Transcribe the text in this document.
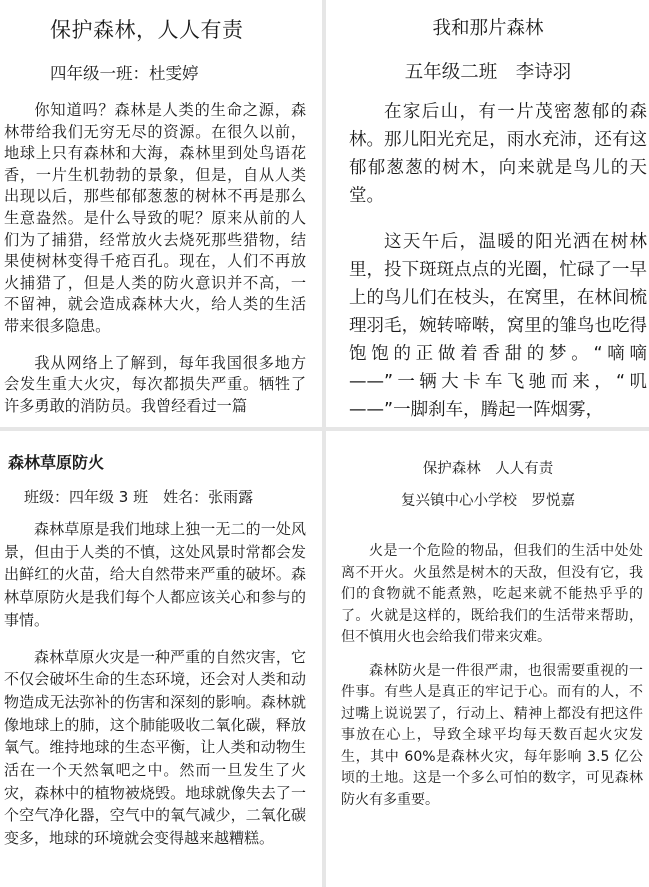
保护森林，人人有责
四年级一班：杜雯婷

你知道吗？森林是人类的生命之源，森林带给我们无穷无尽的资源。在很久以前，地球上只有森林和大海，森林里到处鸟语花香，一片生机勃勃的景象，但是，自从人类出现以后，那些郁郁葱葱的树林不再是那么生意盎然。是什么导致的呢？原来从前的人们为了捕猎，经常放火去烧死那些猎物，结果使树林变得千疮百孔。现在，人们不再放火捕猎了，但是人类的防火意识并不高，一不留神，就会造成森林大火，给人类的生活带来很多隐患。

我从网络上了解到，每年我国很多地方会发生重大火灾，每次都损失严重。牺牲了许多勇敢的消防员。我曾经看过一篇

我和那片森林
五年级二班　李诗羽

在家后山，有一片茂密葱郁的森林。那儿阳光充足，雨水充沛，还有这郁郁葱葱的树木，向来就是鸟儿的天堂。

这天午后，温暖的阳光洒在树林里，投下斑斑点点的光圈，忙碌了一早上的鸟儿们在枝头，在窝里，在林间梳理羽毛，婉转啼啭，窝里的雏鸟也吃得饱饱的正做着香甜的梦。“嘀嘀——”一辆大卡车飞驰而来，“叽——”一脚刹车，腾起一阵烟雾，

森林草原防火
班级：四年级 3 班　姓名：张雨露

森林草原是我们地球上独一无二的一处风景，但由于人类的不慎，这处风景时常都会发出鲜红的火苗，给大自然带来严重的破坏。森林草原防火是我们每个人都应该关心和参与的事情。

森林草原火灾是一种严重的自然灾害，它不仅会破坏生命的生态环境，还会对人类和动物造成无法弥补的伤害和深刻的影响。森林就像地球上的肺，这个肺能吸收二氧化碳，释放氧气。维持地球的生态平衡，让人类和动物生活在一个天然氧吧之中。然而一旦发生了火灾，森林中的植物被烧毁。地球就像失去了一个空气净化器，空气中的氧气减少，二氧化碳变多，地球的环境就会变得越来越糟糕。

保护森林　人人有责
复兴镇中心小学校　罗悦嘉

火是一个危险的物品，但我们的生活中处处离不开火。火虽然是树木的天敌，但没有它，我们的食物就不能煮熟，吃起来就不能热乎乎的了。火就是这样的，既给我们的生活带来帮助，但不慎用火也会给我们带来灾难。

森林防火是一件很严肃，也很需要重视的一件事。有些人是真正的牢记于心。而有的人，不过嘴上说说罢了，行动上、精神上都没有把这件事放在心上，导致全球平均每天数百起火灾发生，其中 60%是森林火灾，每年影响 3.5 亿公顷的土地。这是一个多么可怕的数字，可见森林防火有多重要。
